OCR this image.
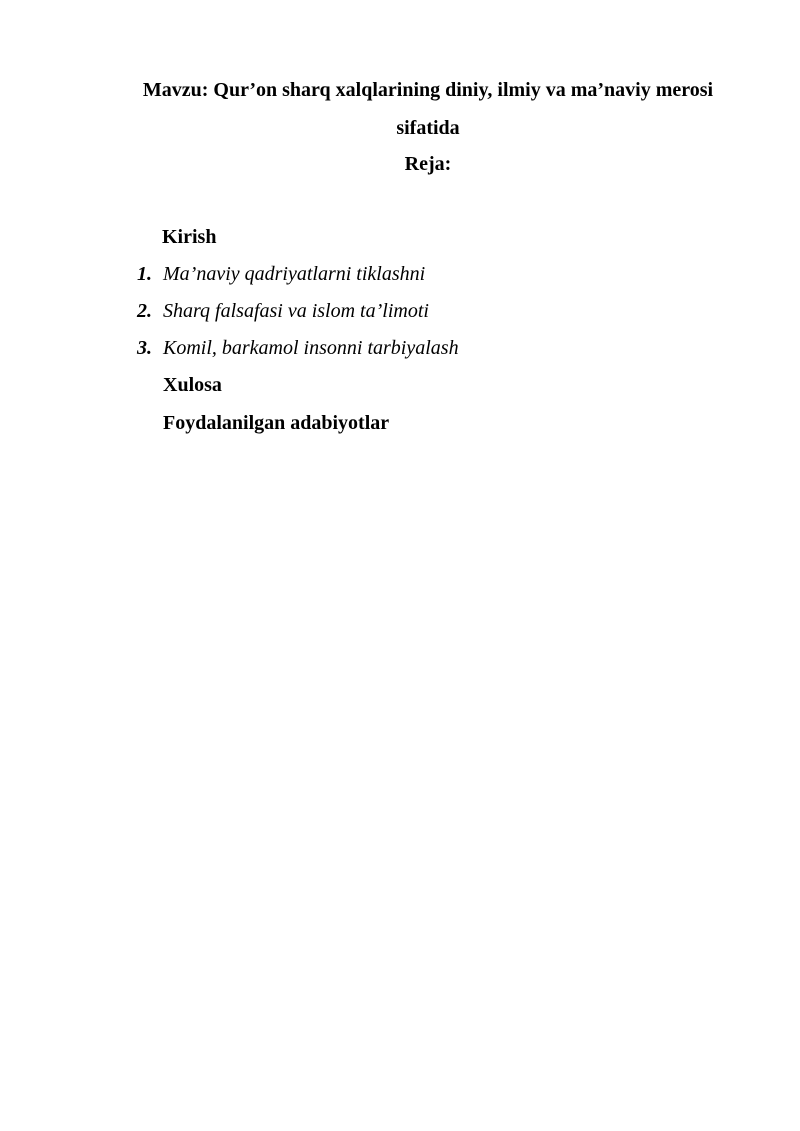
Mavzu: Qur’on sharq xalqlarining diniy, ilmiy va ma’naviy merosi
sifatida
Reja:
Kirish
1. Ma’naviy qadriyatlarni tiklashni
2. Sharq falsafasi va islom ta’limoti
3. Komil, barkamol insonni tarbiyalash
Xulosa
Foydalanilgan adabiyotlar
